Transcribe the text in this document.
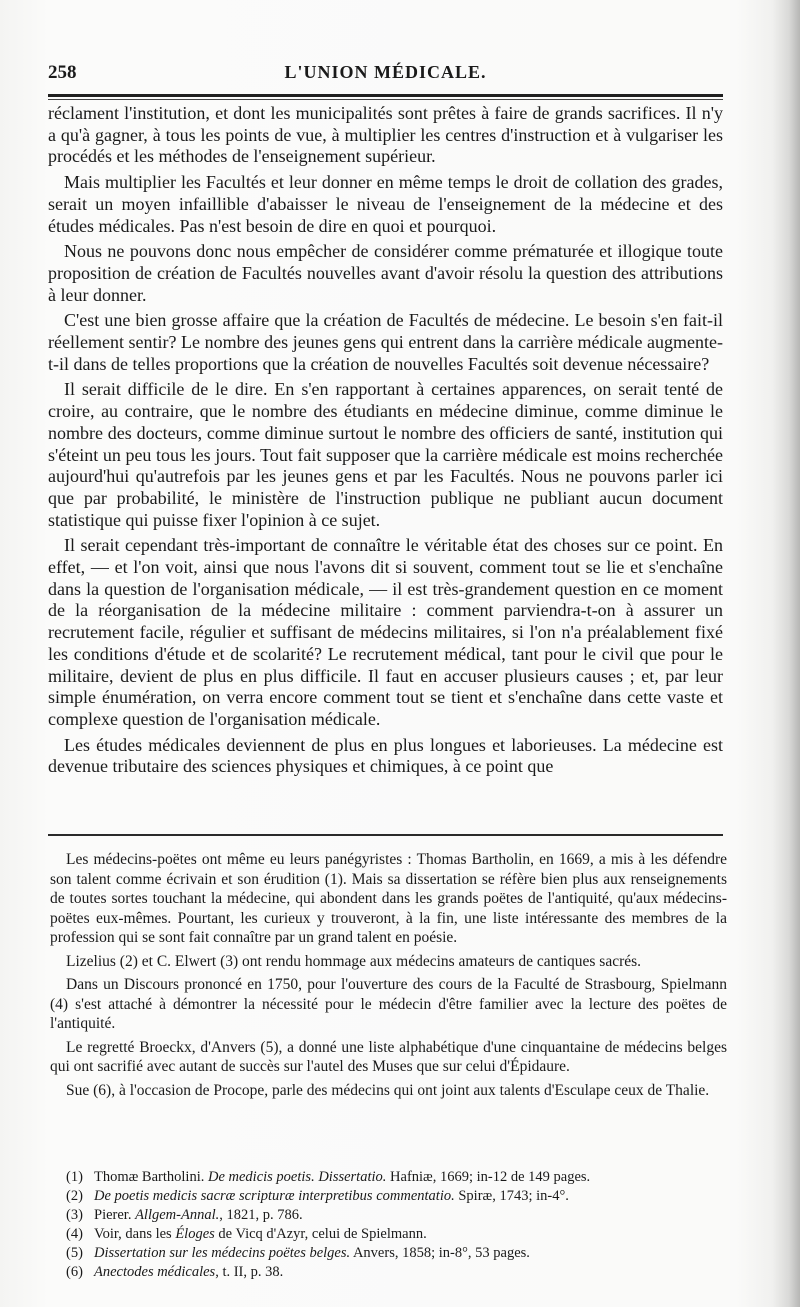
258	L'UNION MÉDICALE.

réclament l'institution, et dont les municipalités sont prêtes à faire de grands sacrifices. Il n'y a qu'à gagner, à tous les points de vue, à multiplier les centres d'instruction et à vulgariser les procédés et les méthodes de l'enseignement supérieur.

Mais multiplier les Facultés et leur donner en même temps le droit de collation des grades, serait un moyen infaillible d'abaisser le niveau de l'enseignement de la médecine et des études médicales. Pas n'est besoin de dire en quoi et pourquoi.

Nous ne pouvons donc nous empêcher de considérer comme prématurée et illogique toute proposition de création de Facultés nouvelles avant d'avoir résolu la question des attributions à leur donner.

C'est une bien grosse affaire que la création de Facultés de médecine. Le besoin s'en fait-il réellement sentir? Le nombre des jeunes gens qui entrent dans la carrière médicale augmente-t-il dans de telles proportions que la création de nouvelles Facultés soit devenue nécessaire?

Il serait difficile de le dire. En s'en rapportant à certaines apparences, on serait tenté de croire, au contraire, que le nombre des étudiants en médecine diminue, comme diminue le nombre des docteurs, comme diminue surtout le nombre des officiers de santé, institution qui s'éteint un peu tous les jours. Tout fait supposer que la carrière médicale est moins recherchée aujourd'hui qu'autrefois par les jeunes gens et par les Facultés. Nous ne pouvons parler ici que par probabilité, le ministère de l'instruction publique ne publiant aucun document statistique qui puisse fixer l'opinion à ce sujet.

Il serait cependant très-important de connaître le véritable état des choses sur ce point. En effet, — et l'on voit, ainsi que nous l'avons dit si souvent, comment tout se lie et s'enchaîne dans la question de l'organisation médicale, — il est très-grandement question en ce moment de la réorganisation de la médecine militaire : comment parviendra-t-on à assurer un recrutement facile, régulier et suffisant de médecins militaires, si l'on n'a préalablement fixé les conditions d'étude et de scolarité? Le recrutement médical, tant pour le civil que pour le militaire, devient de plus en plus difficile. Il faut en accuser plusieurs causes ; et, par leur simple énumération, on verra encore comment tout se tient et s'enchaîne dans cette vaste et complexe question de l'organisation médicale.

Les études médicales deviennent de plus en plus longues et laborieuses. La médecine est devenue tributaire des sciences physiques et chimiques, à ce point que

Les médecins-poëtes ont même eu leurs panégyristes : Thomas Bartholin, en 1669, a mis à les défendre son talent comme écrivain et son érudition (1). Mais sa dissertation se réfère bien plus aux renseignements de toutes sortes touchant la médecine, qui abondent dans les grands poëtes de l'antiquité, qu'aux médecins-poëtes eux-mêmes. Pourtant, les curieux y trouveront, à la fin, une liste intéressante des membres de la profession qui se sont fait connaître par un grand talent en poésie.

Lizelius (2) et C. Elwert (3) ont rendu hommage aux médecins amateurs de cantiques sacrés.

Dans un Discours prononcé en 1750, pour l'ouverture des cours de la Faculté de Strasbourg, Spielmann (4) s'est attaché à démontrer la nécessité pour le médecin d'être familier avec la lecture des poëtes de l'antiquité.

Le regretté Broeckx, d'Anvers (5), a donné une liste alphabétique d'une cinquantaine de médecins belges qui ont sacrifié avec autant de succès sur l'autel des Muses que sur celui d'Épidaure.

Sue (6), à l'occasion de Procope, parle des médecins qui ont joint aux talents d'Esculape ceux de Thalie.

(1) Thomæ Bartholini. De medicis poetis. Dissertatio. Hafniæ, 1669; in-12 de 149 pages.
(2) De poetis medicis sacræ scripturæ interpretibus commentatio. Spiræ, 1743; in-4°.
(3) Pierer. Allgem-Annal., 1821, p. 786.
(4) Voir, dans les Éloges de Vicq d'Azyr, celui de Spielmann.
(5) Dissertation sur les médecins poëtes belges. Anvers, 1858; in-8°, 53 pages.
(6) Anectodes médicales, t. II, p. 38.
